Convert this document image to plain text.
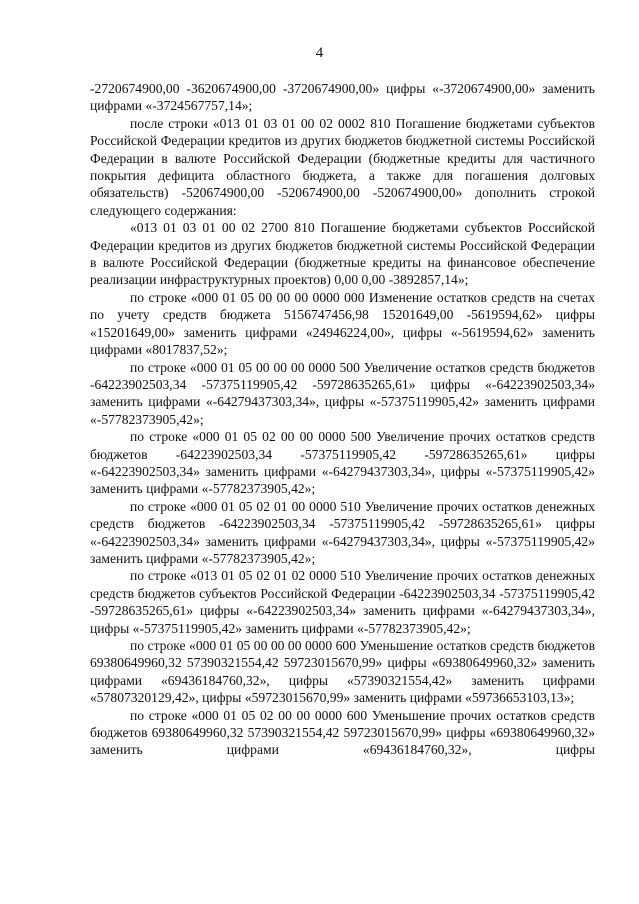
4

-2720674900,00 -3620674900,00 -3720674900,00» цифры «-3720674900,00» заменить цифрами «-3724567757,14»;

после строки «013 01 03 01 00 02 0002 810 Погашение бюджетами субъектов Российской Федерации кредитов из других бюджетов бюджетной системы Российской Федерации в валюте Российской Федерации (бюджетные кредиты для частичного покрытия дефицита областного бюджета, а также для погашения долговых обязательств) -520674900,00 -520674900,00 -520674900,00» дополнить строкой следующего содержания:

«013 01 03 01 00 02 2700 810 Погашение бюджетами субъектов Российской Федерации кредитов из других бюджетов бюджетной системы Российской Федерации в валюте Российской Федерации (бюджетные кредиты на финансовое обеспечение реализации инфраструктурных проектов) 0,00 0,00 -3892857,14»;

по строке «000 01 05 00 00 00 0000 000 Изменение остатков средств на счетах по учету средств бюджета 5156747456,98 15201649,00 -5619594,62» цифры «15201649,00» заменить цифрами «24946224,00», цифры «-5619594,62» заменить цифрами «8017837,52»;

по строке «000 01 05 00 00 00 0000 500 Увеличение остатков средств бюджетов -64223902503,34 -57375119905,42 -59728635265,61» цифры «-64223902503,34» заменить цифрами «-64279437303,34», цифры «-57375119905,42» заменить цифрами «-57782373905,42»;

по строке «000 01 05 02 00 00 0000 500 Увеличение прочих остатков средств бюджетов -64223902503,34 -57375119905,42 -59728635265,61» цифры «-64223902503,34» заменить цифрами «-64279437303,34», цифры «-57375119905,42» заменить цифрами «-57782373905,42»;

по строке «000 01 05 02 01 00 0000 510 Увеличение прочих остатков денежных средств бюджетов -64223902503,34 -57375119905,42 -59728635265,61» цифры «-64223902503,34» заменить цифрами «-64279437303,34», цифры «-57375119905,42» заменить цифрами «-57782373905,42»;

по строке «013 01 05 02 01 02 0000 510 Увеличение прочих остатков денежных средств бюджетов субъектов Российской Федерации -64223902503,34 -57375119905,42 -59728635265,61» цифры «-64223902503,34» заменить цифрами «-64279437303,34», цифры «-57375119905,42» заменить цифрами «-57782373905,42»;

по строке «000 01 05 00 00 00 0000 600 Уменьшение остатков средств бюджетов 69380649960,32 57390321554,42 59723015670,99» цифры «69380649960,32» заменить цифрами «69436184760,32», цифры «57390321554,42» заменить цифрами «57807320129,42», цифры «59723015670,99» заменить цифрами «59736653103,13»;

по строке «000 01 05 02 00 00 0000 600 Уменьшение прочих остатков средств бюджетов 69380649960,32 57390321554,42 59723015670,99» цифры «69380649960,32» заменить цифрами «69436184760,32», цифры
